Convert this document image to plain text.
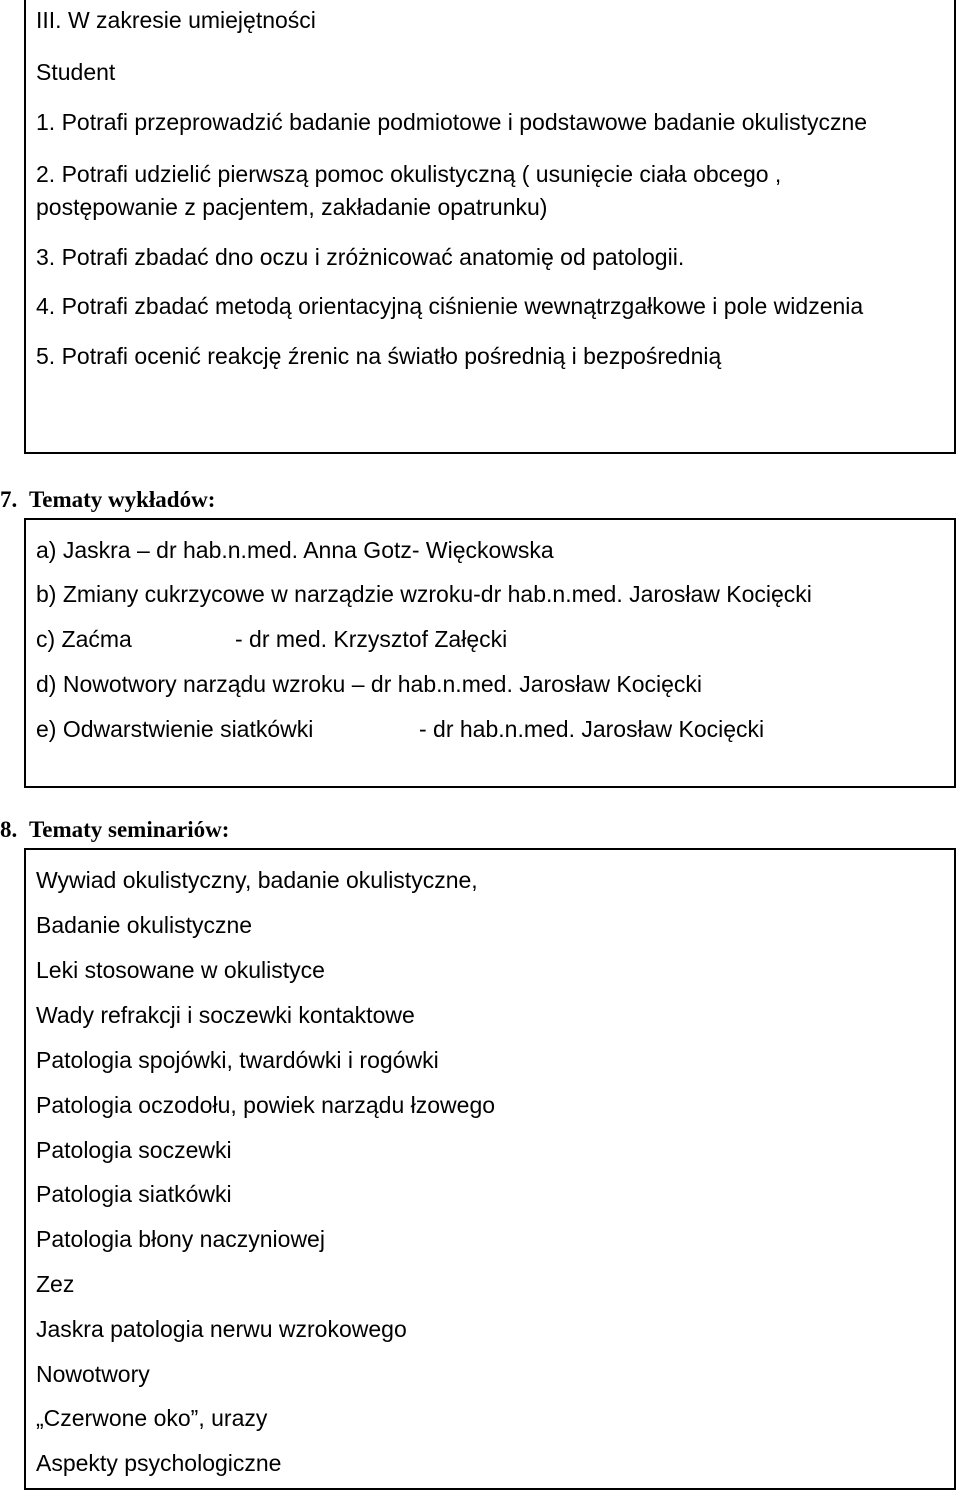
III. W zakresie umiejętności
Student
1. Potrafi przeprowadzić badanie podmiotowe i podstawowe badanie okulistyczne
2. Potrafi udzielić pierwszą pomoc okulistyczną ( usunięcie ciała obcego ,
postępowanie z pacjentem, zakładanie opatrunku)
3. Potrafi zbadać dno oczu i zróżnicować anatomię od patologii.
4. Potrafi zbadać metodą orientacyjną ciśnienie wewnątrzgałkowe i pole widzenia
5. Potrafi ocenić reakcję źrenic na światło pośrednią i bezpośrednią
7. Tematy wykładów:
a) Jaskra – dr hab.n.med. Anna Gotz- Więckowska
b) Zmiany cukrzycowe w narządzie wzroku-dr hab.n.med. Jarosław Kocięcki
c) Zaćma	- dr med. Krzysztof Załęcki
d) Nowotwory narządu wzroku – dr hab.n.med. Jarosław Kocięcki
e) Odwarstwienie siatkówki	- dr hab.n.med. Jarosław Kocięcki
8. Tematy seminariów:
Wywiad okulistyczny, badanie okulistyczne,
Badanie okulistyczne
Leki stosowane w okulistyce
Wady refrakcji i soczewki kontaktowe
Patologia spojówki, twardówki i rogówki
Patologia oczodołu, powiek narządu łzowego
Patologia soczewki
Patologia siatkówki
Patologia błony naczyniowej
Zez
Jaskra patologia nerwu wzrokowego
Nowotwory
„Czerwone oko”, urazy
Aspekty psychologiczne
